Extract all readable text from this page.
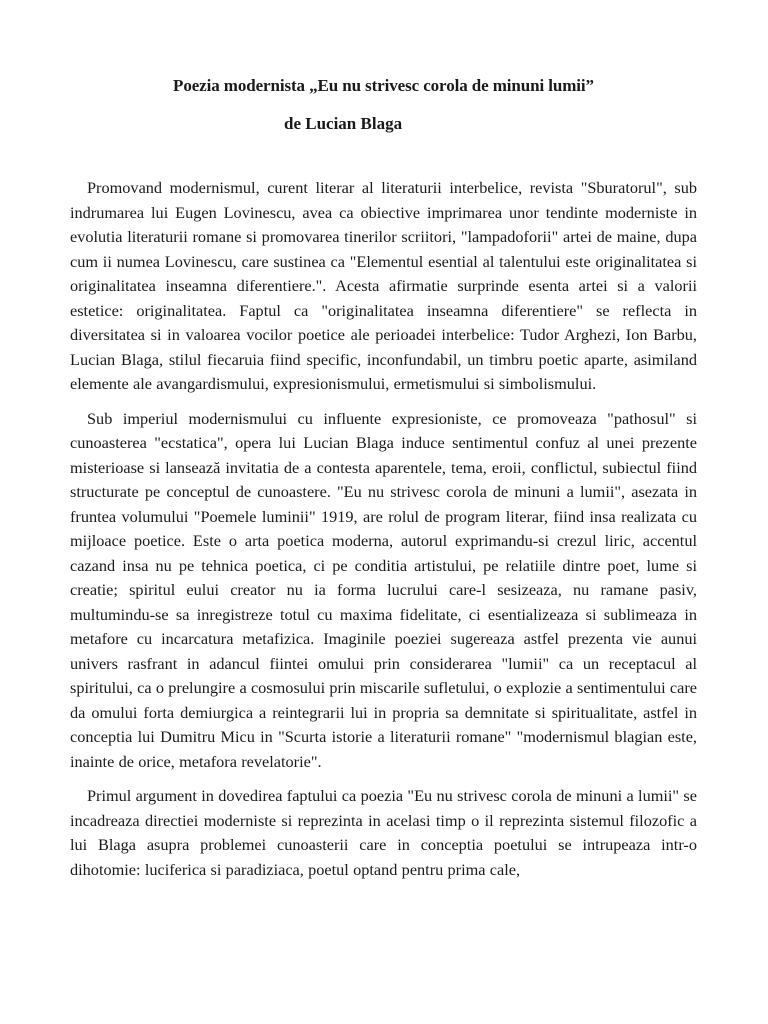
Poezia modernista „Eu nu strivesc corola de minuni lumii”
de Lucian Blaga

Promovand modernismul, curent literar al literaturii interbelice, revista "Sburatorul", sub indrumarea lui Eugen Lovinescu, avea ca obiective imprimarea unor tendinte moderniste in evolutia literaturii romane si promovarea tinerilor scriitori, "lampadoforii" artei de maine, dupa cum ii numea Lovinescu, care sustinea ca "Elementul esential al talentului este originalitatea si originalitatea inseamna diferentiere.". Acesta afirmatie surprinde esenta artei si a valorii estetice: originalitatea. Faptul ca "originalitatea inseamna diferentiere" se reflecta in diversitatea si in valoarea vocilor poetice ale perioadei interbelice: Tudor Arghezi, Ion Barbu, Lucian Blaga, stilul fiecaruia fiind specific, inconfundabil, un timbru poetic aparte, asimiland elemente ale avangardismului, expresionismului, ermetismului si simbolismului.

Sub imperiul modernismului cu influente expresioniste, ce promoveaza "pathosul" si cunoasterea "ecstatica", opera lui Lucian Blaga induce sentimentul confuz al unei prezente misterioase si lansează invitatia de a contesta aparentele, tema, eroii, conflictul, subiectul fiind structurate pe conceptul de cunoastere. "Eu nu strivesc corola de minuni a lumii", asezata in fruntea volumului "Poemele luminii" 1919, are rolul de program literar, fiind insa realizata cu mijloace poetice. Este o arta poetica moderna, autorul exprimandu-si crezul liric, accentul cazand insa nu pe tehnica poetica, ci pe conditia artistului, pe relatiile dintre poet, lume si creatie; spiritul eului creator nu ia forma lucrului care-l sesizeaza, nu ramane pasiv, multumindu-se sa inregistreze totul cu maxima fidelitate, ci esentializeaza si sublimeaza in metafore cu incarcatura metafizica. Imaginile poeziei sugereaza astfel prezenta vie aunui univers rasfrant in adancul fiintei omului prin considerarea "lumii" ca un receptacul al spiritului, ca o prelungire a cosmosului prin miscarile sufletului, o explozie a sentimentului care da omului forta demiurgica a reintegrarii lui in propria sa demnitate si spiritualitate, astfel in conceptia lui Dumitru Micu in "Scurta istorie a literaturii romane" "modernismul blagian este, inainte de orice, metafora revelatorie".

Primul argument in dovedirea faptului ca poezia "Eu nu strivesc corola de minuni a lumii" se incadreaza directiei moderniste si reprezinta in acelasi timp o il reprezinta sistemul filozofic a lui Blaga asupra problemei cunoasterii care in conceptia poetului se intrupeaza intr-o dihotomie: luciferica si paradiziaca, poetul optand pentru prima cale,
